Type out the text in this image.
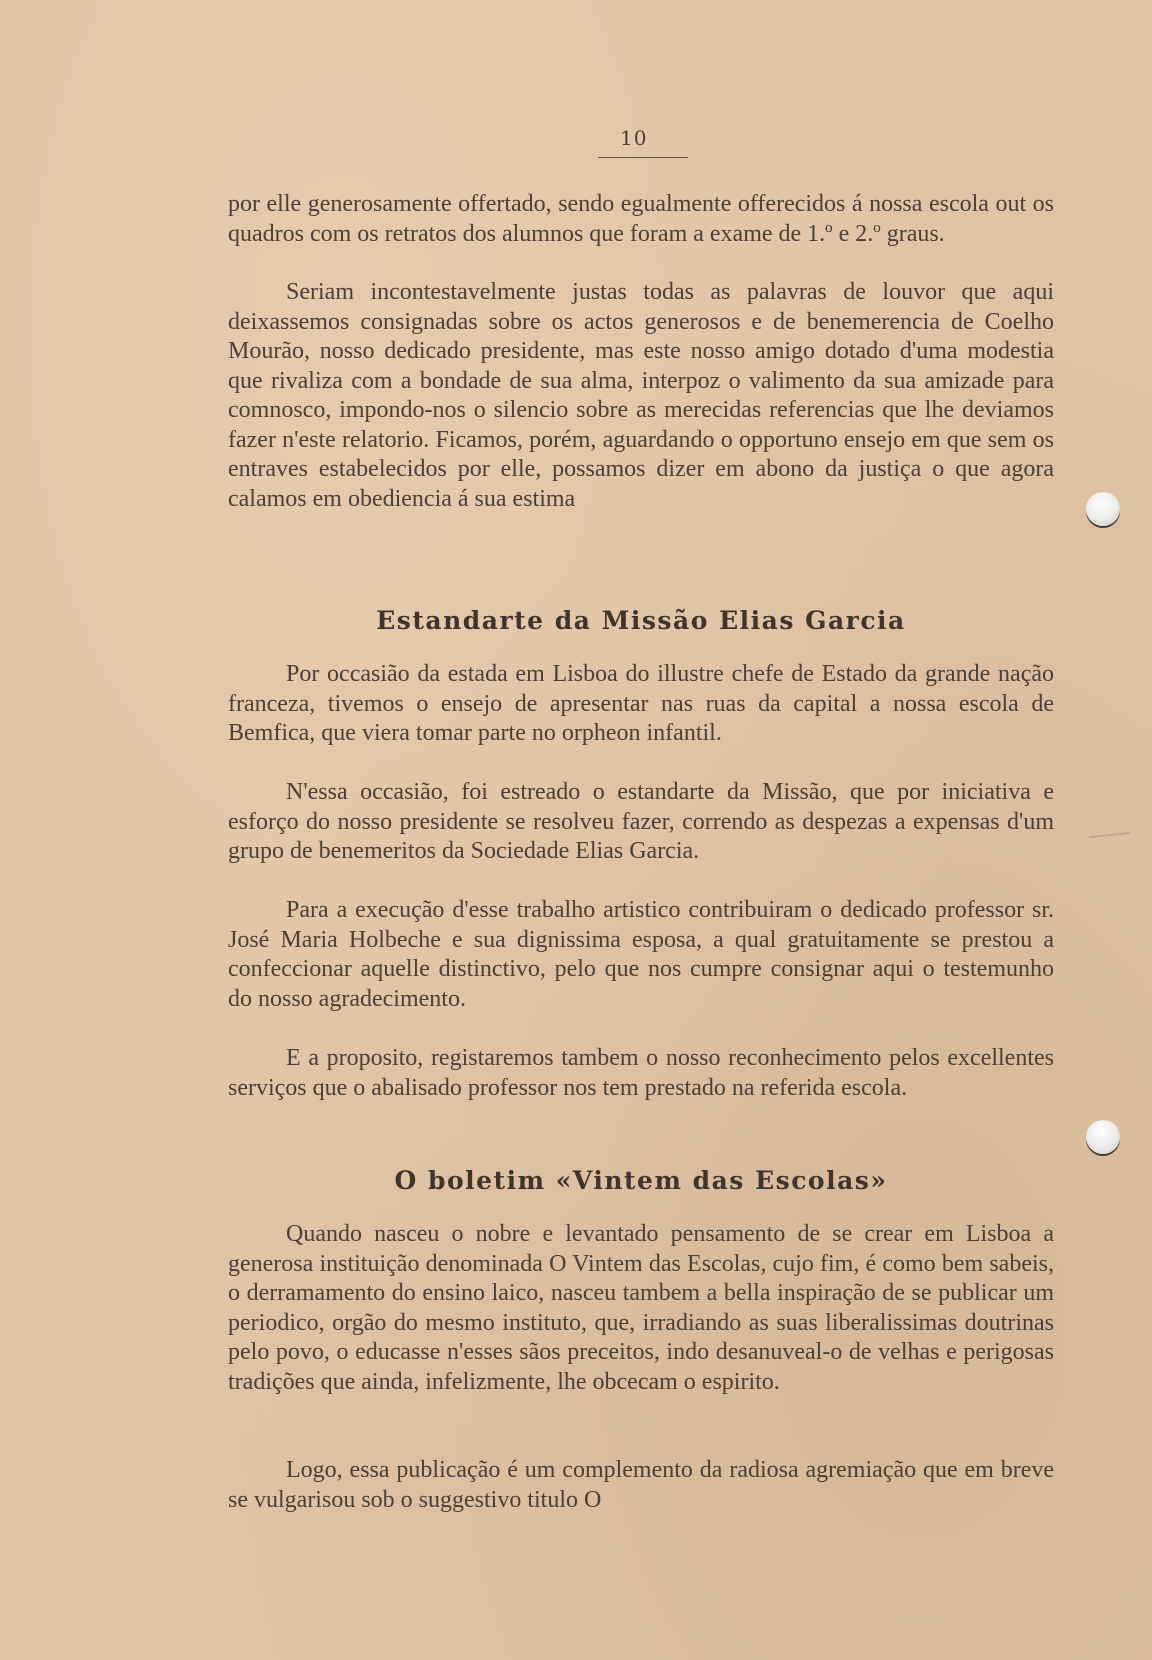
10

por elle generosamente offertado, sendo egualmente offerecidos á nossa escola out os quadros com os retratos dos alumnos que foram a exame de 1.º e 2.º graus.

Seriam incontestavelmente justas todas as palavras de louvor que aqui deixassemos consignadas sobre os actos generosos e de benemerencia de Coelho Mourão, nosso dedicado presidente, mas este nosso amigo dotado d'uma modestia que rivaliza com a bondade de sua alma, interpoz o valimento da sua amizade para comnosco, impondo-nos o silencio sobre as merecidas referencias que lhe deviamos fazer n'este relatorio. Ficamos, porém, aguardando o opportuno ensejo em que sem os entraves estabelecidos por elle, possamos dizer em abono da justiça o que agora calamos em obediencia á sua estima

Estandarte da Missão Elias Garcia

Por occasião da estada em Lisboa do illustre chefe de Estado da grande nação franceza, tivemos o ensejo de apresentar nas ruas da capital a nossa escola de Bemfica, que viera tomar parte no orpheon infantil.

N'essa occasião, foi estreado o estandarte da Missão, que por iniciativa e esforço do nosso presidente se resolveu fazer, correndo as despezas a expensas d'um grupo de benemeritos da Sociedade Elias Garcia.

Para a execução d'esse trabalho artistico contribuiram o dedicado professor sr. José Maria Holbeche e sua dignissima esposa, a qual gratuitamente se prestou a confeccionar aquelle distinctivo, pelo que nos cumpre consignar aqui o testemunho do nosso agradecimento.

E a proposito, registaremos tambem o nosso reconhecimento pelos excellentes serviços que o abalisado professor nos tem prestado na referida escola.

O boletim «Vintem das Escolas»

Quando nasceu o nobre e levantado pensamento de se crear em Lisboa a generosa instituição denominada O Vintem das Escolas, cujo fim, é como bem sabeis, o derramamento do ensino laico, nasceu tambem a bella inspiração de se publicar um periodico, orgão do mesmo instituto, que, irradiando as suas liberalissimas doutrinas pelo povo, o educasse n'esses sãos preceitos, indo desanuveal-o de velhas e perigosas tradições que ainda, infelizmente, lhe obcecam o espirito.

Logo, essa publicação é um complemento da radiosa agremiação que em breve se vulgarisou sob o suggestivo titulo O
